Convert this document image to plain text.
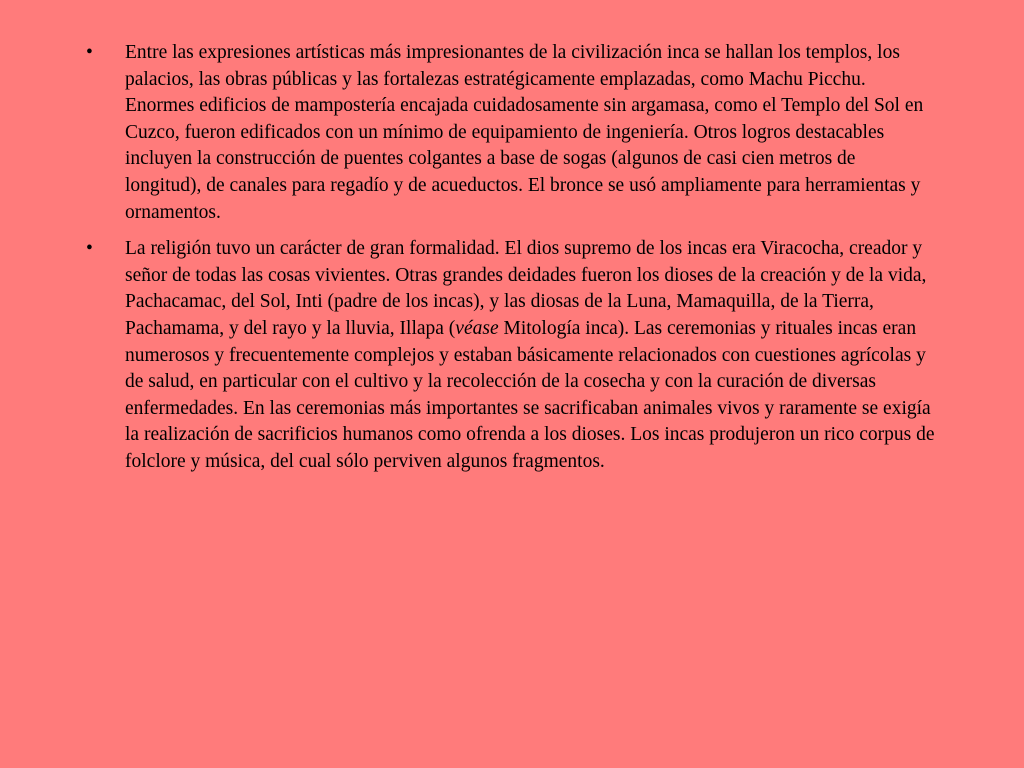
• Entre las expresiones artísticas más impresionantes de la civilización inca se hallan los templos, los palacios, las obras públicas y las fortalezas estratégicamente emplazadas, como Machu Picchu. Enormes edificios de mampostería encajada cuidadosamente sin argamasa, como el Templo del Sol en Cuzco, fueron edificados con un mínimo de equipamiento de ingeniería. Otros logros destacables incluyen la construcción de puentes colgantes a base de sogas (algunos de casi cien metros de longitud), de canales para regadío y de acueductos. El bronce se usó ampliamente para herramientas y ornamentos.
• La religión tuvo un carácter de gran formalidad. El dios supremo de los incas era Viracocha, creador y señor de todas las cosas vivientes. Otras grandes deidades fueron los dioses de la creación y de la vida, Pachacamac, del Sol, Inti (padre de los incas), y las diosas de la Luna, Mamaquilla, de la Tierra, Pachamama, y del rayo y la lluvia, Illapa (véase Mitología inca). Las ceremonias y rituales incas eran numerosos y frecuentemente complejos y estaban básicamente relacionados con cuestiones agrícolas y de salud, en particular con el cultivo y la recolección de la cosecha y con la curación de diversas enfermedades. En las ceremonias más importantes se sacrificaban animales vivos y raramente se exigía la realización de sacrificios humanos como ofrenda a los dioses. Los incas produjeron un rico corpus de folclore y música, del cual sólo perviven algunos fragmentos.
